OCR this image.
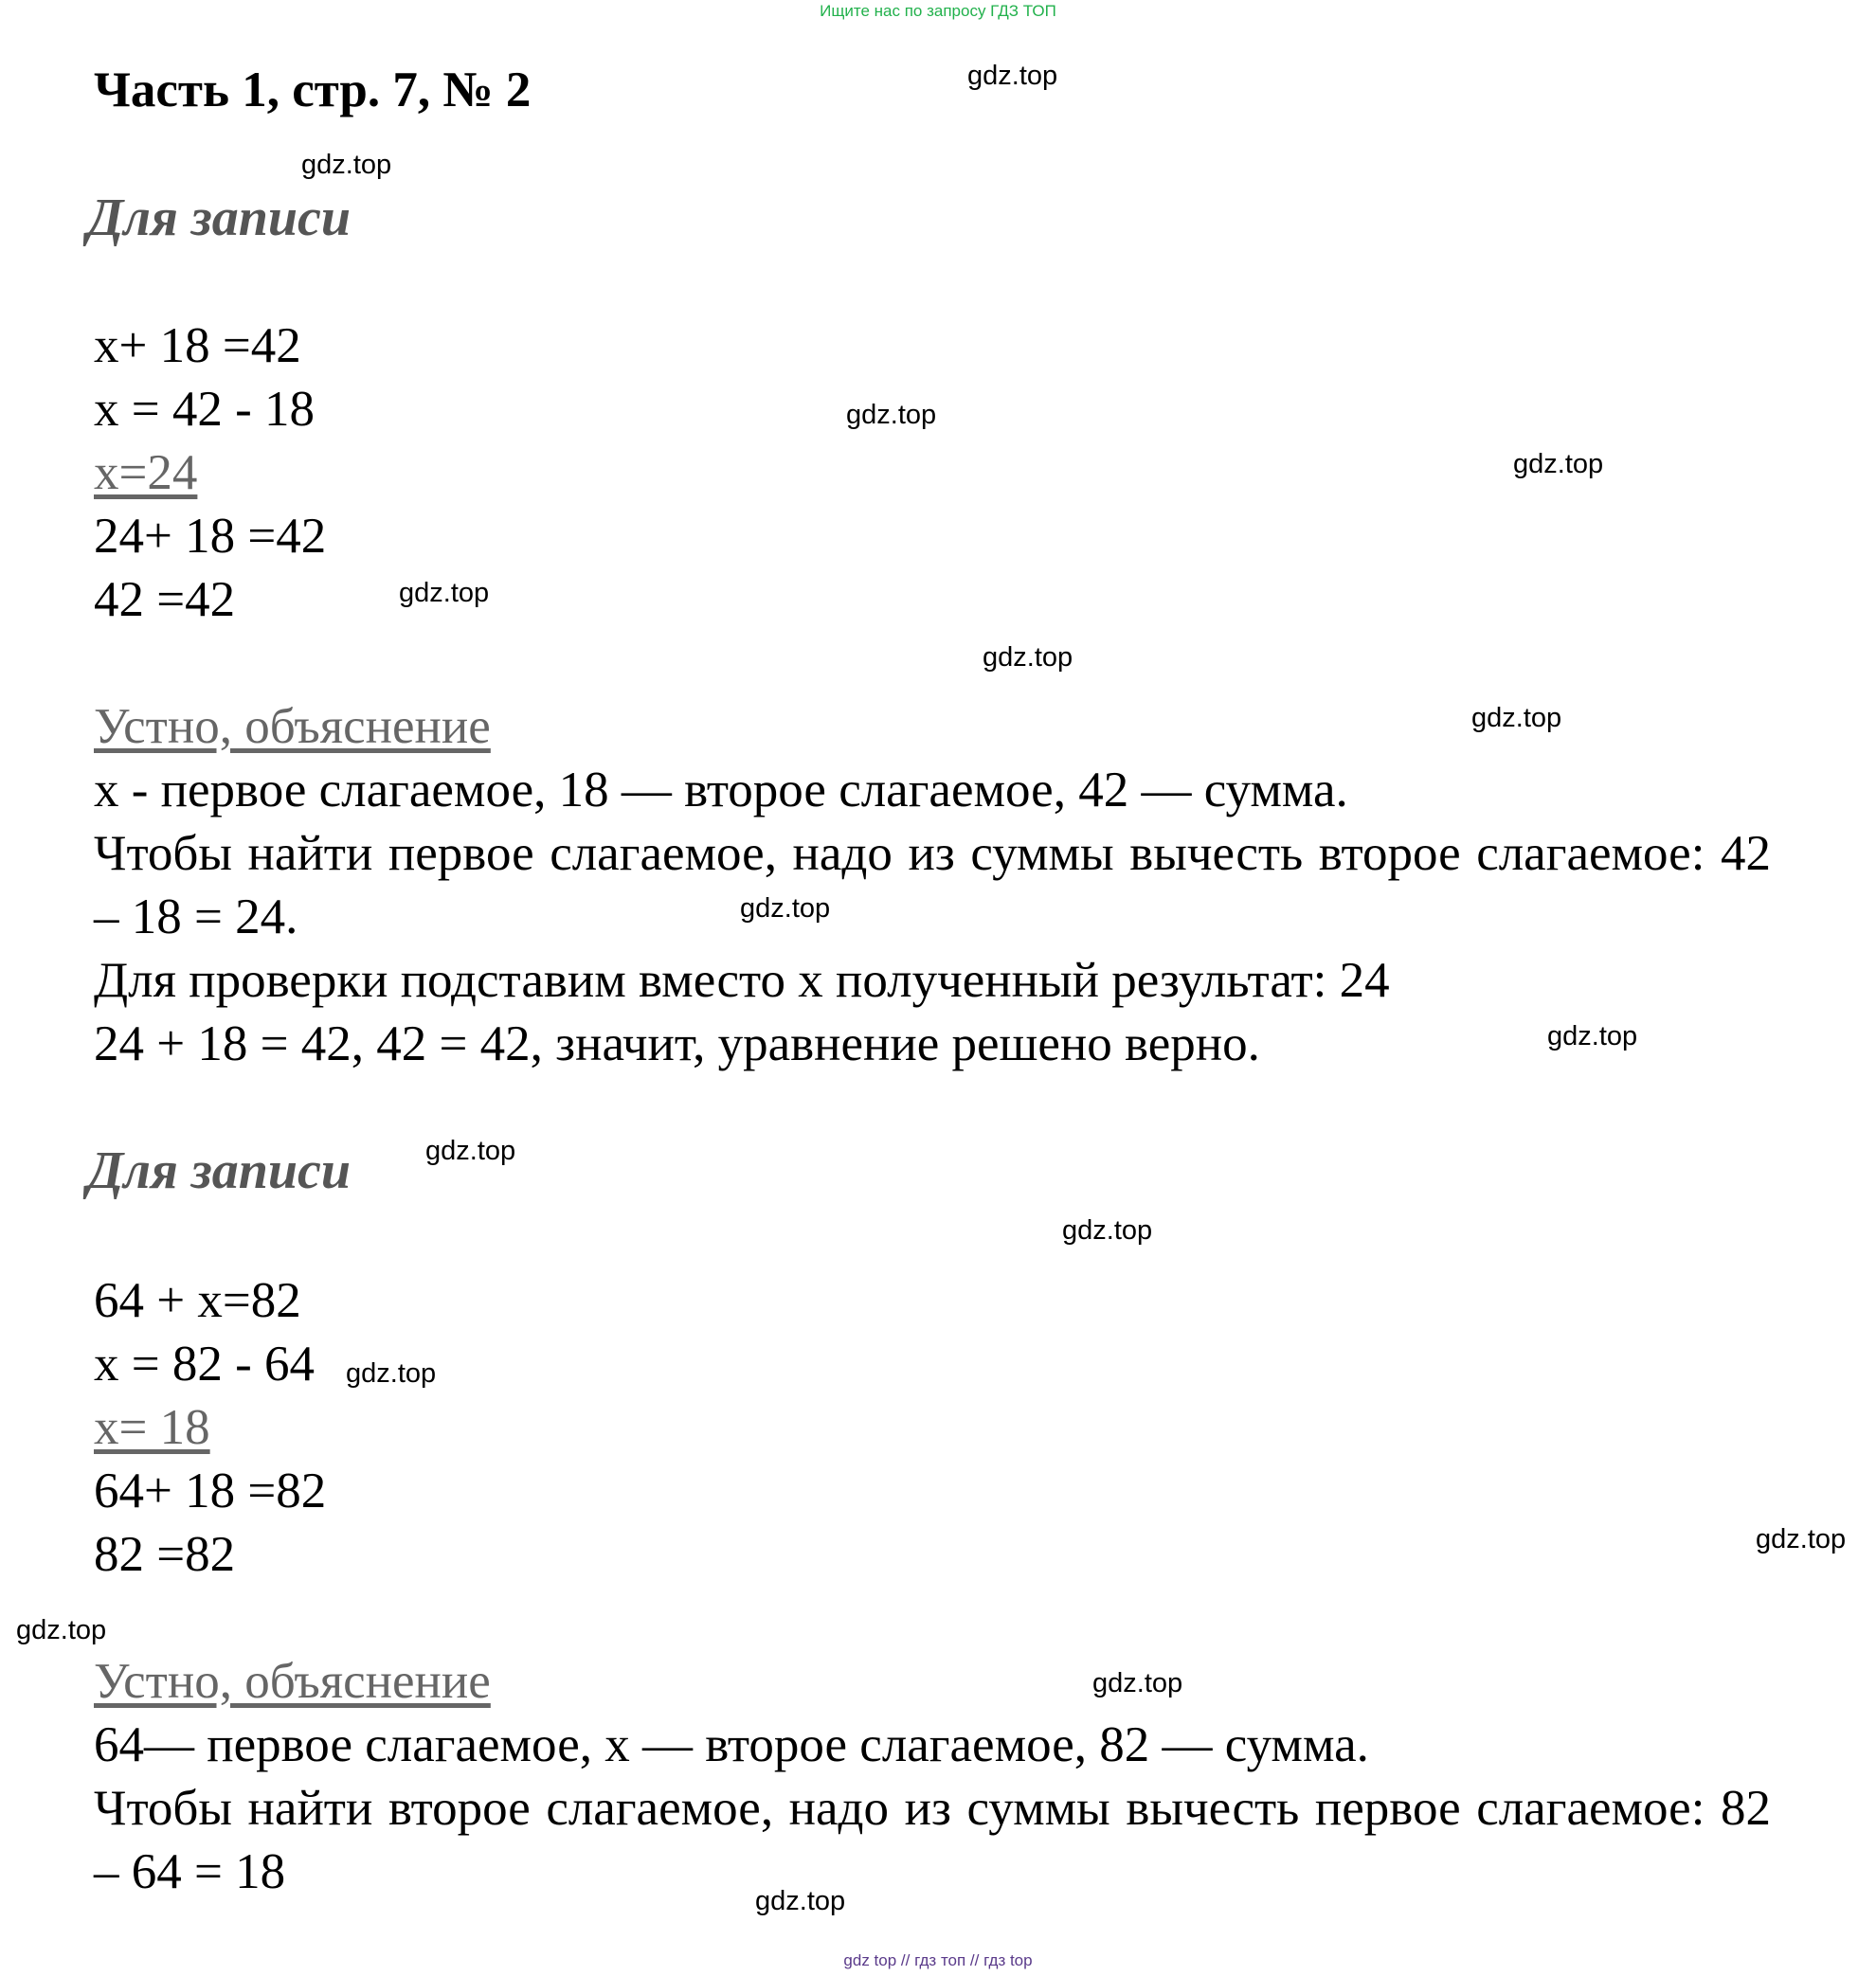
Ищите нас по запросу ГДЗ ТОП
Часть 1, стр. 7, № 2
Для записи
x+ 18 =42
x = 42 - 18
x=24
24+ 18 =42
42 =42
Устно, объяснение
x - первое слагаемое, 18 — второе слагаемое, 42 — сумма.

Чтобы найти первое слагаемое, надо из суммы вычесть второе слагаемое: 42 – 18 = 24.

Для проверки подставим вместо x полученный результат: 24
24 + 18 = 42, 42 = 42, значит, уравнение решено верно.
Для записи
64 + x=82
x = 82 - 64
x= 18
64+ 18 =82
82 =82
Устно, объяснение
64— первое слагаемое, x — второе слагаемое, 82 — сумма.

Чтобы найти второе слагаемое, надо из суммы вычесть первое слагаемое: 82 – 64 = 18

gdz.top
gdz.top
gdz.top
gdz.top
gdz.top
gdz.top
gdz.top
gdz.top
gdz.top
gdz.top
gdz.top
gdz.top
gdz.top
gdz.top
gdz.top
gdz.top
gdz top // гдз топ // гдз top
